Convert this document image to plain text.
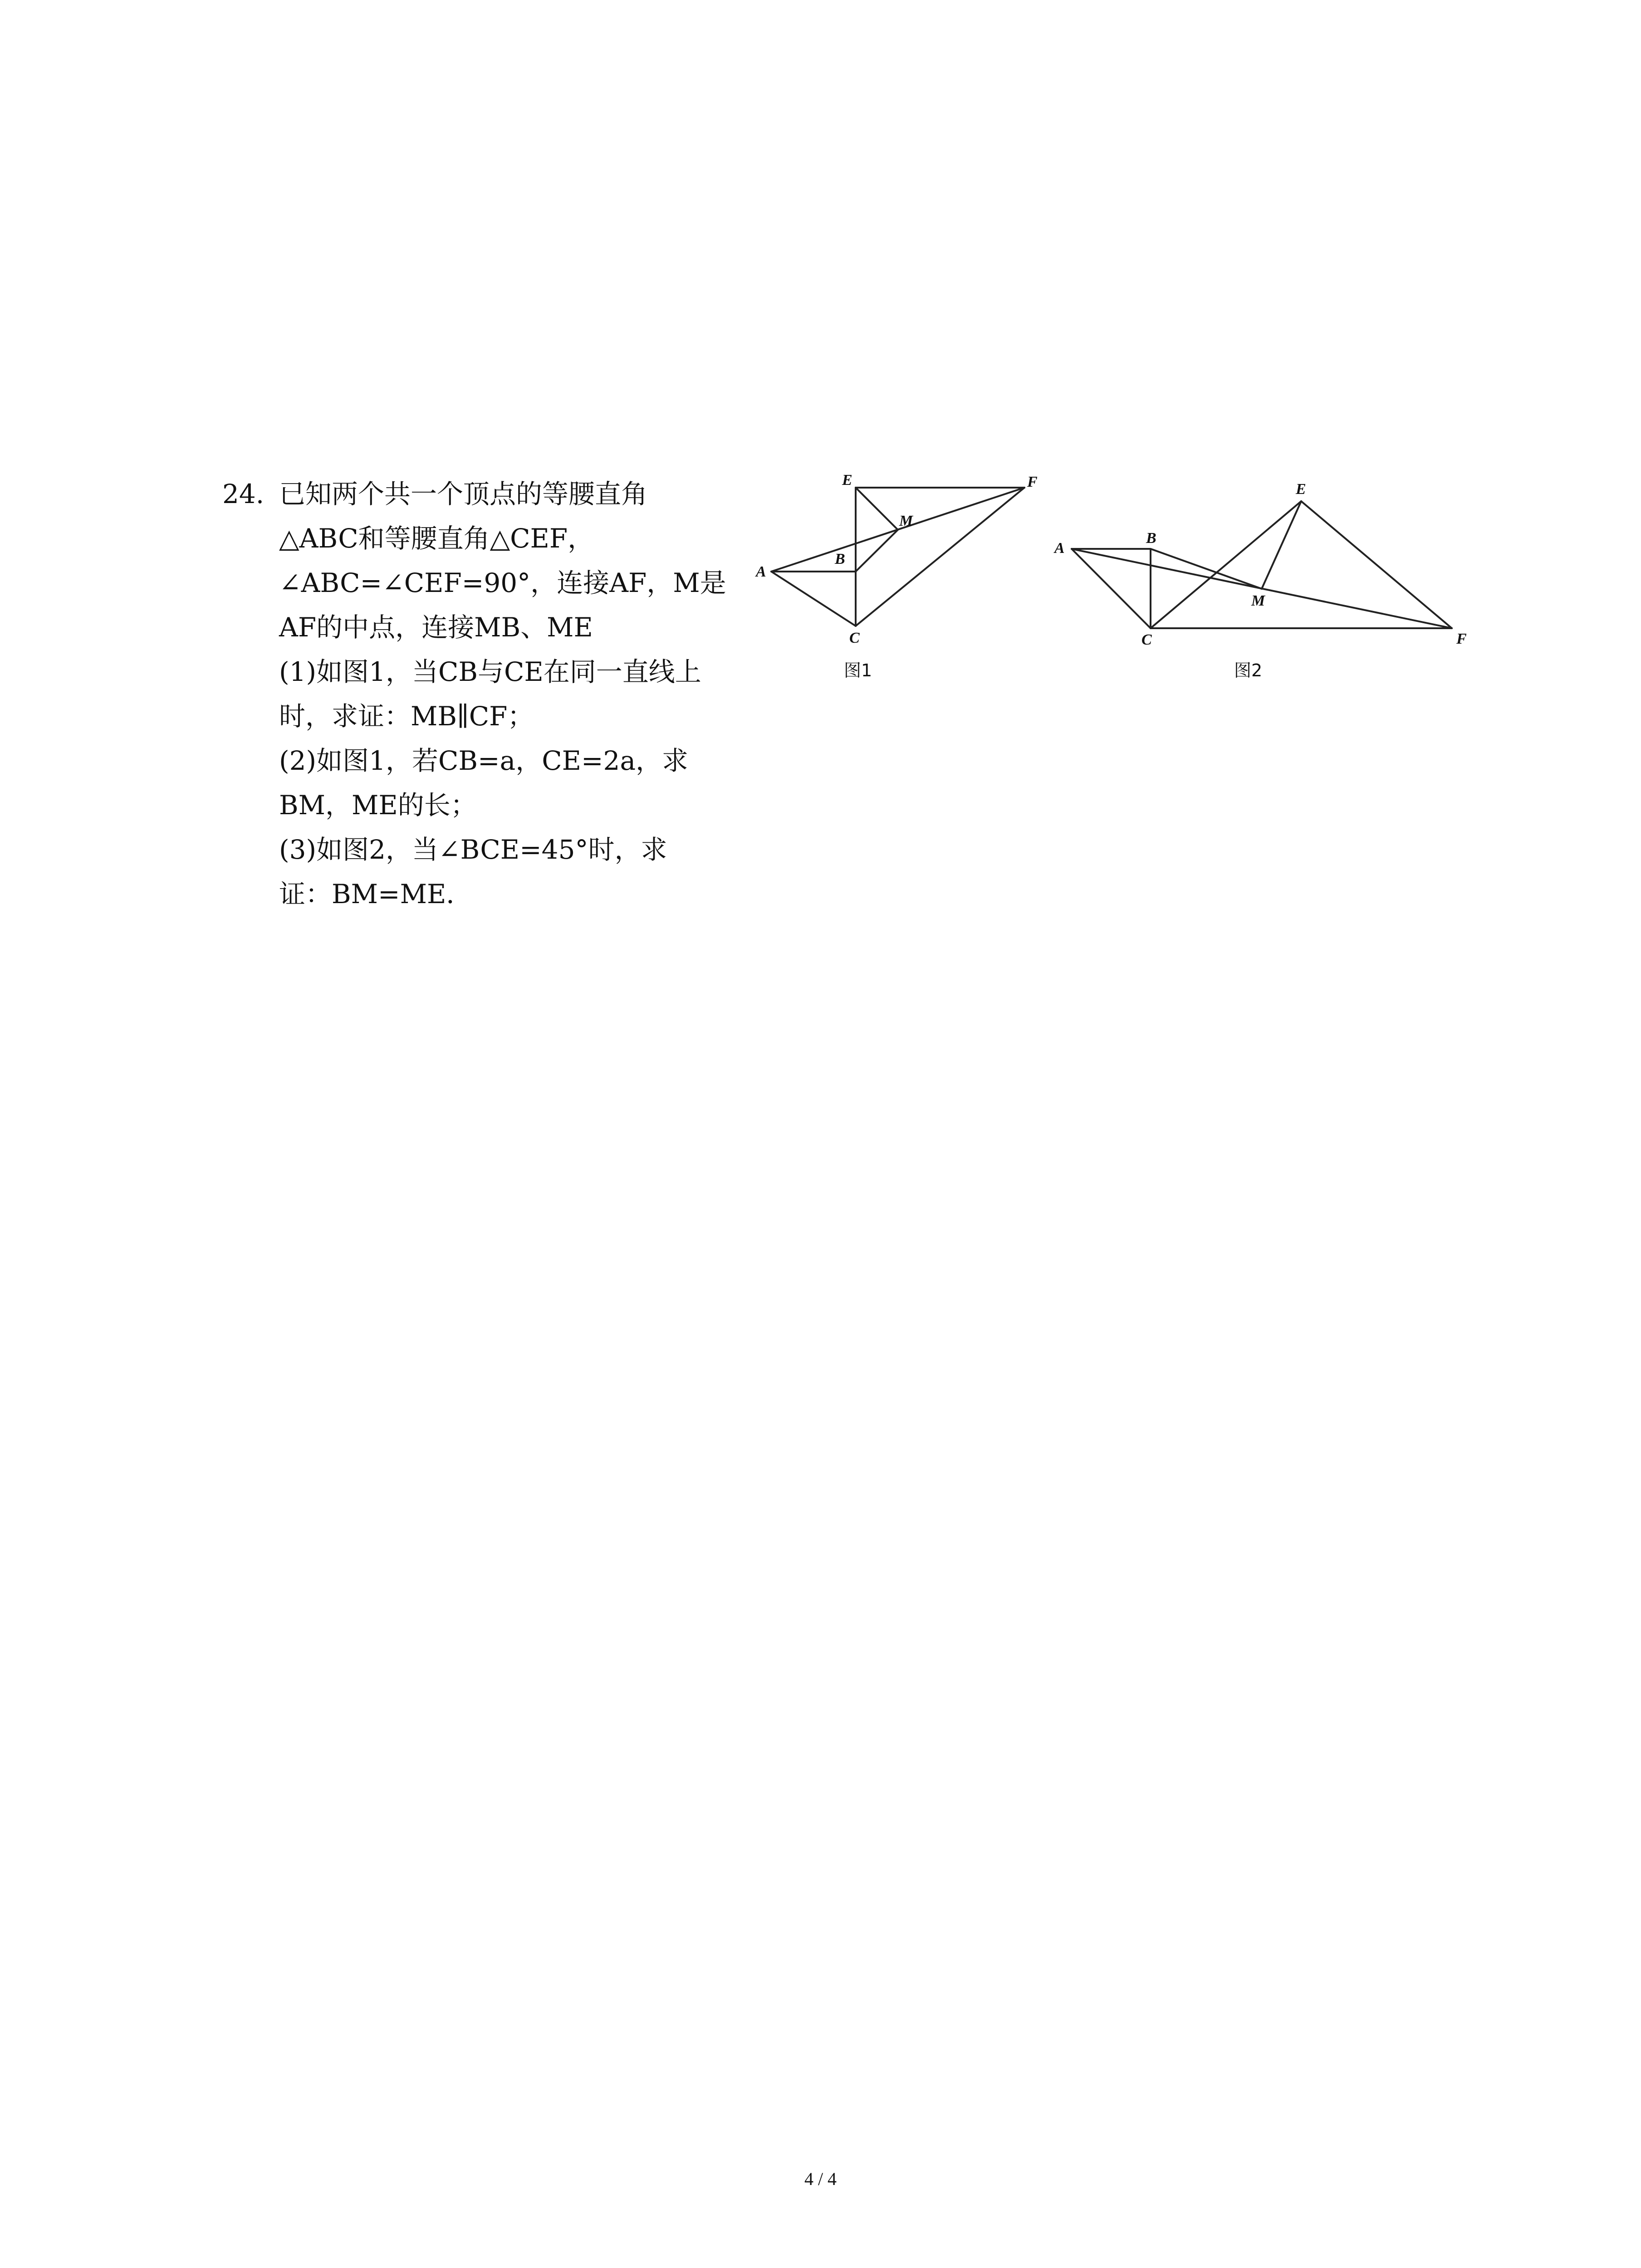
24. 已知两个共一个顶点的等腰直角
△ABC和等腰直角△CEF，
∠ABC=∠CEF=90°，连接AF，M是
AF的中点，连接MB、ME
(1)如图1，当CB与CE在同一直线上
时，求证：MB∥CF；
(2)如图1，若CB=a，CE=2a，求
BM，ME的长；
(3)如图2，当∠BCE=45°时，求
证：BM=ME．
E	F
M
B
A
C
图1
E
B
A
M
C	F
图2
4 / 4
